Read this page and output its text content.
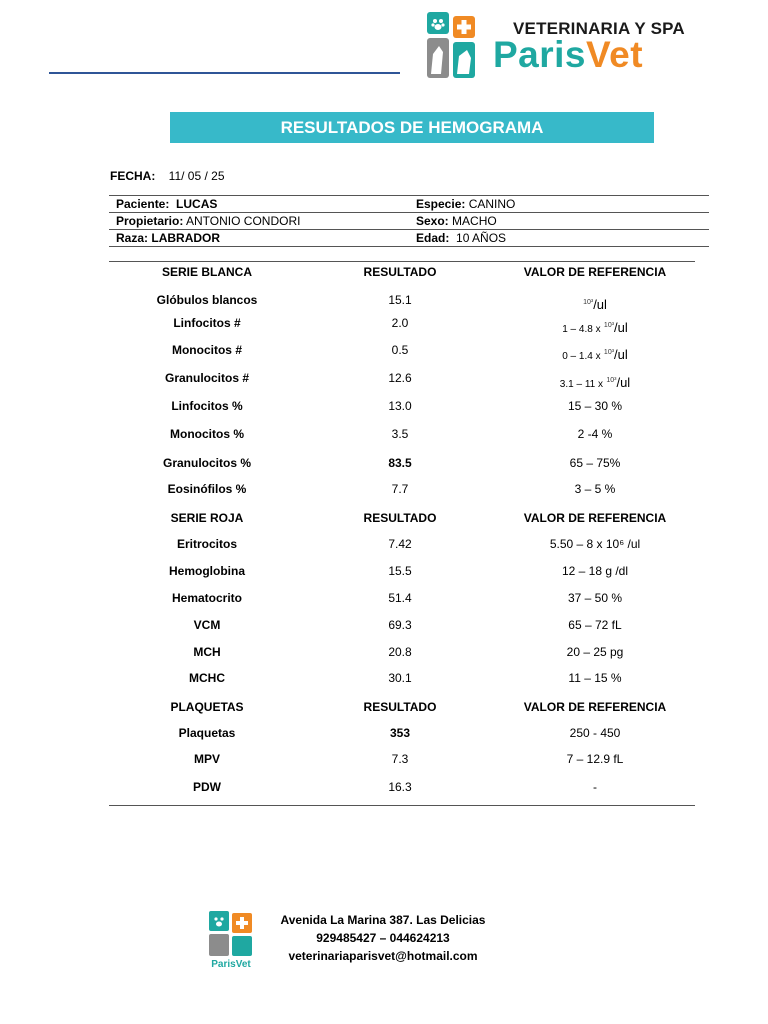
VETERINARIA Y SPA
ParisVet
RESULTADOS DE HEMOGRAMA
FECHA: 11/ 05 / 25
Paciente: LUCAS	Especie: CANINO
Propietario: ANTONIO CONDORI	Sexo: MACHO
Raza: LABRADOR	Edad: 10 AÑOS
SERIE BLANCA	RESULTADO	VALOR DE REFERENCIA
Glóbulos blancos	15.1	$^{10^3}$/ul
Linfocitos #	2.0	1 – 4.8 x $^{10^3}$/ul
Monocitos #	0.5	0 – 1.4 x $^{10^3}$/ul
Granulocitos #	12.6	3.1 – 11 x $^{10^3}$/ul
Linfocitos %	13.0	15 – 30 %
Monocitos %	3.5	2 -4 %
Granulocitos %	83.5	65 – 75%
Eosinófilos %	7.7	3 – 5 %
SERIE ROJA	RESULTADO	VALOR DE REFERENCIA
Eritrocitos	7.42	5.50 – 8 x 10⁶ /ul
Hemoglobina	15.5	12 – 18 g /dl
Hematocrito	51.4	37 – 50 %
VCM	69.3	65 – 72 fL
MCH	20.8	20 – 25 pg
MCHC	30.1	11 – 15 %
PLAQUETAS	RESULTADO	VALOR DE REFERENCIA
Plaquetas	353	250 - 450
MPV	7.3	7 – 12.9 fL
PDW	16.3	-
ParisVet
Avenida La Marina 387. Las Delicias
929485427 – 044624213
veterinariaparisvet@hotmail.com
